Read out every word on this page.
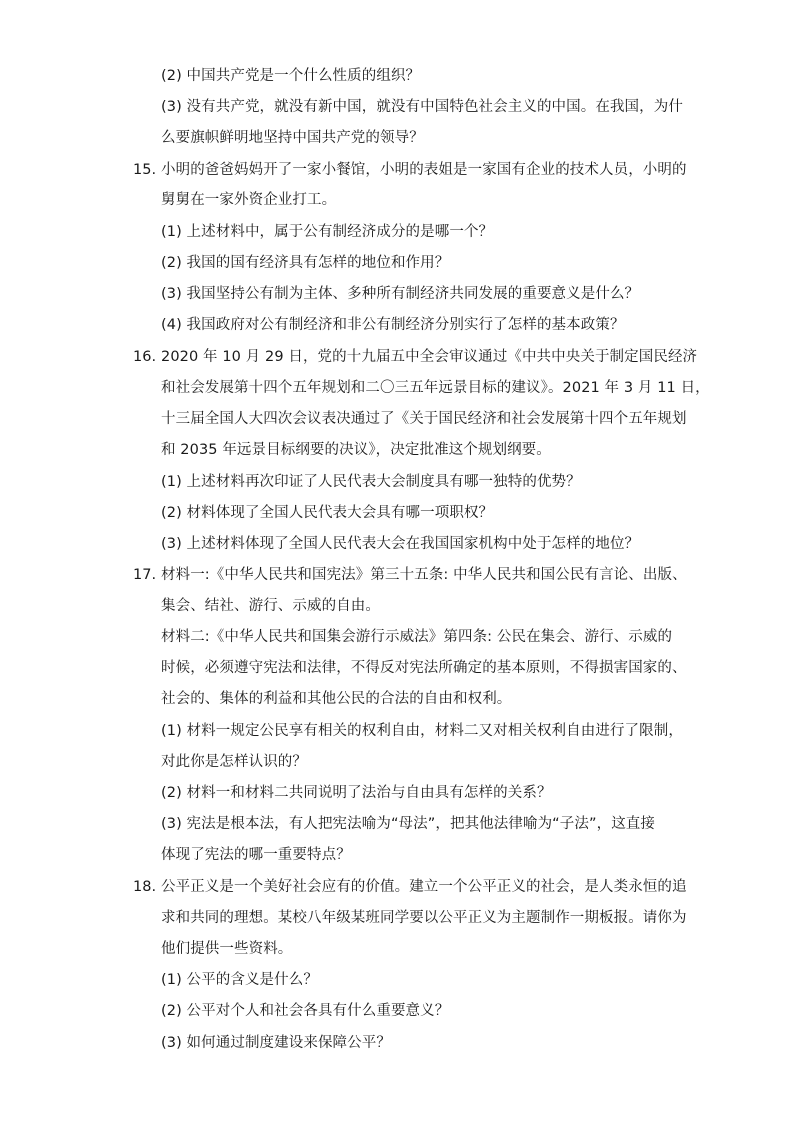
(2) 中国共产党是一个什么性质的组织？
(3) 没有共产党，就没有新中国，就没有中国特色社会主义的中国。在我国，为什
么要旗帜鲜明地坚持中国共产党的领导？
15. 小明的爸爸妈妈开了一家小餐馆，小明的表姐是一家国有企业的技术人员，小明的
舅舅在一家外资企业打工。
(1) 上述材料中，属于公有制经济成分的是哪一个？
(2) 我国的国有经济具有怎样的地位和作用？
(3) 我国坚持公有制为主体、多种所有制经济共同发展的重要意义是什么？
(4) 我国政府对公有制经济和非公有制经济分别实行了怎样的基本政策？
16. 2020 年 10 月 29 日，党的十九届五中全会审议通过《中共中央关于制定国民经济
和社会发展第十四个五年规划和二〇三五年远景目标的建议》。2021 年 3 月 11 日，
十三届全国人大四次会议表决通过了《关于国民经济和社会发展第十四个五年规划
和 2035 年远景目标纲要的决议》，决定批准这个规划纲要。
(1) 上述材料再次印证了人民代表大会制度具有哪一独特的优势？
(2) 材料体现了全国人民代表大会具有哪一项职权？
(3) 上述材料体现了全国人民代表大会在我国国家机构中处于怎样的地位？
17. 材料一:《中华人民共和国宪法》第三十五条: 中华人民共和国公民有言论、出版、
集会、结社、游行、示威的自由。
材料二:《中华人民共和国集会游行示威法》第四条: 公民在集会、游行、示威的
时候，必须遵守宪法和法律，不得反对宪法所确定的基本原则，不得损害国家的、
社会的、集体的利益和其他公民的合法的自由和权利。
(1) 材料一规定公民享有相关的权利自由，材料二又对相关权利自由进行了限制，
对此你是怎样认识的？
(2) 材料一和材料二共同说明了法治与自由具有怎样的关系？
(3) 宪法是根本法，有人把宪法喻为“母法”，把其他法律喻为“子法”，这直接
体现了宪法的哪一重要特点？
18. 公平正义是一个美好社会应有的价值。建立一个公平正义的社会，是人类永恒的追
求和共同的理想。某校八年级某班同学要以公平正义为主题制作一期板报。请你为
他们提供一些资料。
(1) 公平的含义是什么？
(2) 公平对个人和社会各具有什么重要意义？
(3) 如何通过制度建设来保障公平？
